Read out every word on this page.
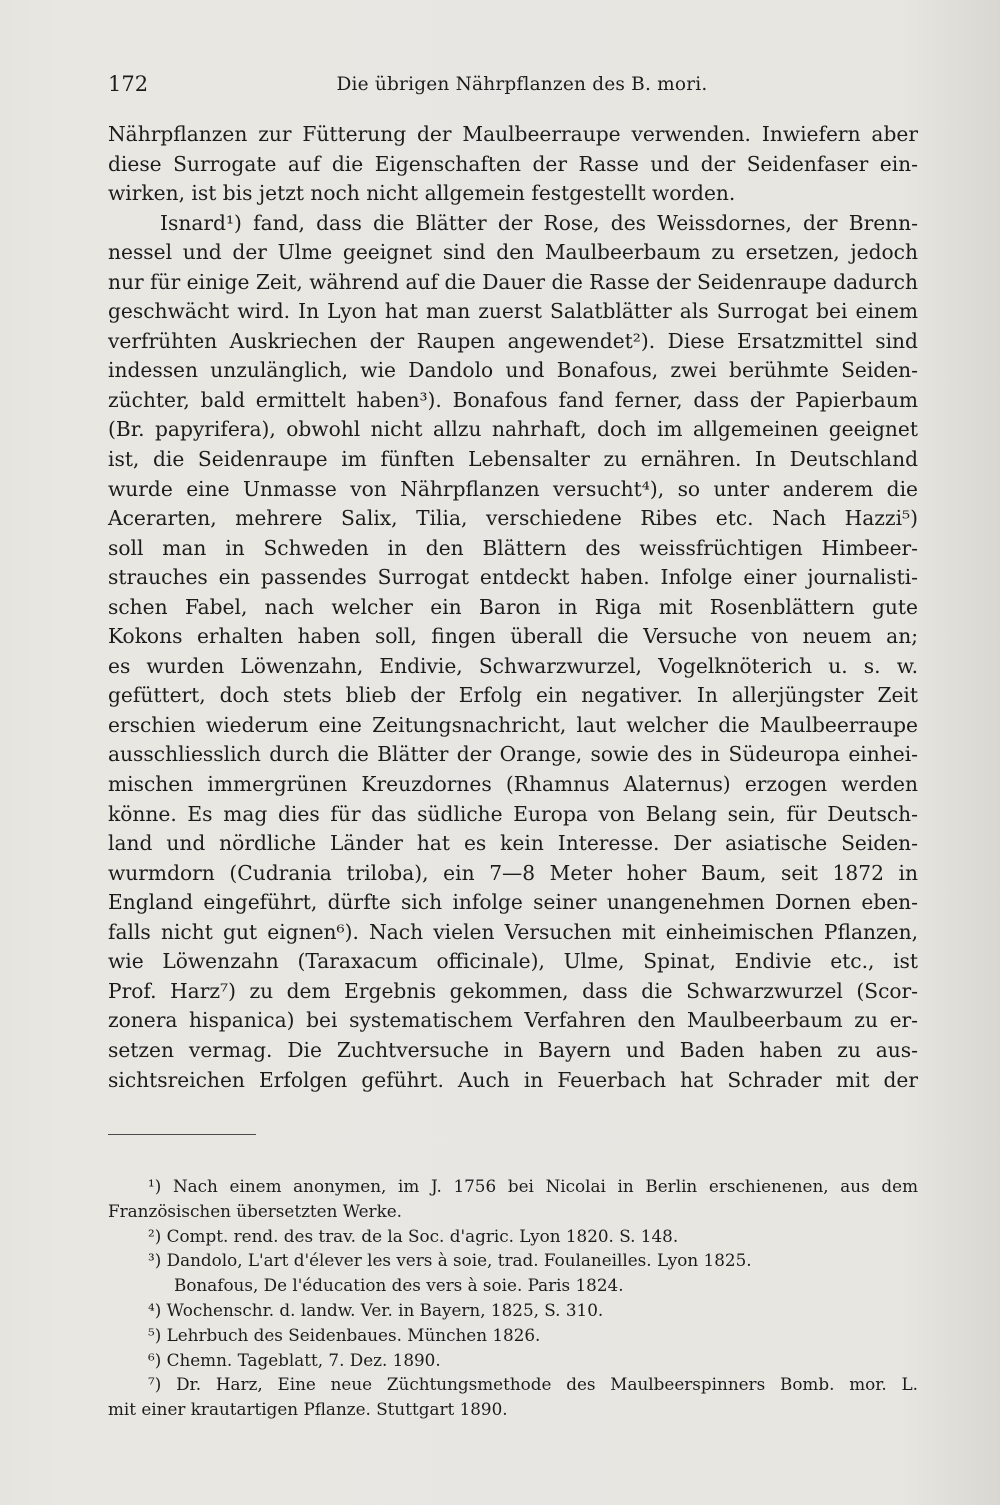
172	Die übrigen Nährpflanzen des B. mori.
Nährpflanzen zur Fütterung der Maulbeerraupe verwenden. Inwiefern aber
diese Surrogate auf die Eigenschaften der Rasse und der Seidenfaser ein-
wirken, ist bis jetzt noch nicht allgemein festgestellt worden.
Isnard¹) fand, dass die Blätter der Rose, des Weissdornes, der Brenn-
nessel und der Ulme geeignet sind den Maulbeerbaum zu ersetzen, jedoch
nur für einige Zeit, während auf die Dauer die Rasse der Seidenraupe dadurch
geschwächt wird. In Lyon hat man zuerst Salatblätter als Surrogat bei einem
verfrühten Auskriechen der Raupen angewendet²). Diese Ersatzmittel sind
indessen unzulänglich, wie Dandolo und Bonafous, zwei berühmte Seiden-
züchter, bald ermittelt haben³). Bonafous fand ferner, dass der Papierbaum
(Br. papyrifera), obwohl nicht allzu nahrhaft, doch im allgemeinen geeignet
ist, die Seidenraupe im fünften Lebensalter zu ernähren. In Deutschland
wurde eine Unmasse von Nährpflanzen versucht⁴), so unter anderem die
Acerarten, mehrere Salix, Tilia, verschiedene Ribes etc. Nach Hazzi⁵)
soll man in Schweden in den Blättern des weissfrüchtigen Himbeer-
strauches ein passendes Surrogat entdeckt haben. Infolge einer journalisti-
schen Fabel, nach welcher ein Baron in Riga mit Rosenblättern gute
Kokons erhalten haben soll, fingen überall die Versuche von neuem an;
es wurden Löwenzahn, Endivie, Schwarzwurzel, Vogelknöterich u. s. w.
gefüttert, doch stets blieb der Erfolg ein negativer. In allerjüngster Zeit
erschien wiederum eine Zeitungsnachricht, laut welcher die Maulbeerraupe
ausschliesslich durch die Blätter der Orange, sowie des in Südeuropa einhei-
mischen immergrünen Kreuzdornes (Rhamnus Alaternus) erzogen werden
könne. Es mag dies für das südliche Europa von Belang sein, für Deutsch-
land und nördliche Länder hat es kein Interesse. Der asiatische Seiden-
wurmdorn (Cudrania triloba), ein 7—8 Meter hoher Baum, seit 1872 in
England eingeführt, dürfte sich infolge seiner unangenehmen Dornen eben-
falls nicht gut eignen⁶). Nach vielen Versuchen mit einheimischen Pflanzen,
wie Löwenzahn (Taraxacum officinale), Ulme, Spinat, Endivie etc., ist
Prof. Harz⁷) zu dem Ergebnis gekommen, dass die Schwarzwurzel (Scor-
zonera hispanica) bei systematischem Verfahren den Maulbeerbaum zu er-
setzen vermag. Die Zuchtversuche in Bayern und Baden haben zu aus-
sichtsreichen Erfolgen geführt. Auch in Feuerbach hat Schrader mit der
¹) Nach einem anonymen, im J. 1756 bei Nicolai in Berlin erschienenen, aus dem
Französischen übersetzten Werke.
²) Compt. rend. des trav. de la Soc. d'agric. Lyon 1820. S. 148.
³) Dandolo, L'art d'élever les vers à soie, trad. Foulaneilles. Lyon 1825.
Bonafous, De l'éducation des vers à soie. Paris 1824.
⁴) Wochenschr. d. landw. Ver. in Bayern, 1825, S. 310.
⁵) Lehrbuch des Seidenbaues. München 1826.
⁶) Chemn. Tageblatt, 7. Dez. 1890.
⁷) Dr. Harz, Eine neue Züchtungsmethode des Maulbeerspinners Bomb. mor. L.
mit einer krautartigen Pflanze. Stuttgart 1890.
